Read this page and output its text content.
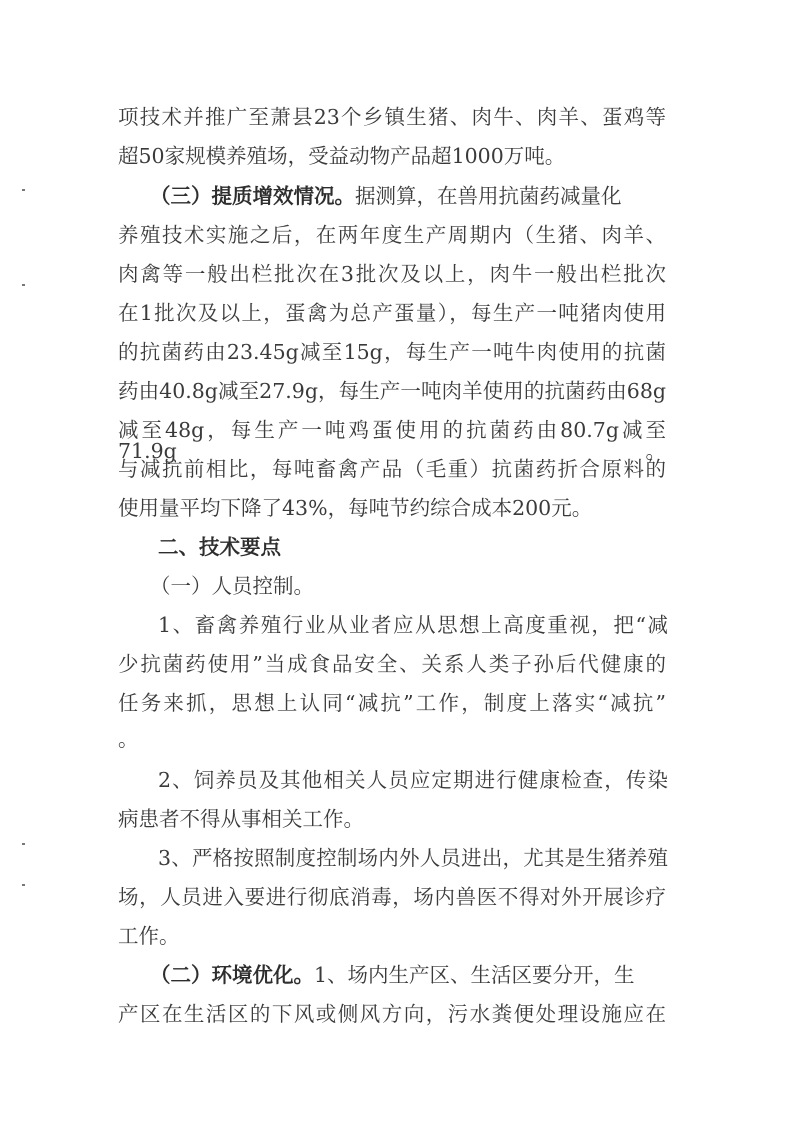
项技术并推广至萧县23个乡镇生猪、肉牛、肉羊、蛋鸡等
超50家规模养殖场，受益动物产品超1000万吨。
（三）提质增效情况。据测算，在兽用抗菌药减量化
养殖技术实施之后，在两年度生产周期内（生猪、肉羊、
肉禽等一般出栏批次在3批次及以上，肉牛一般出栏批次
在1批次及以上，蛋禽为总产蛋量），每生产一吨猪肉使用
的抗菌药由23.45g减至15g，每生产一吨牛肉使用的抗菌
药由40.8g减至27.9g，每生产一吨肉羊使用的抗菌药由68g
减至48g，每生产一吨鸡蛋使用的抗菌药由80.7g减至71.9g。
与减抗前相比，每吨畜禽产品（毛重）抗菌药折合原料的
使用量平均下降了43%，每吨节约综合成本200元。
二、技术要点
（一）人员控制。
1、畜禽养殖行业从业者应从思想上高度重视，把“减
少抗菌药使用”当成食品安全、关系人类子孙后代健康的
任务来抓，思想上认同“减抗”工作，制度上落实“减抗”
。
2、饲养员及其他相关人员应定期进行健康检查，传染
病患者不得从事相关工作。
3、严格按照制度控制场内外人员进出，尤其是生猪养殖
场，人员进入要进行彻底消毒，场内兽医不得对外开展诊疗
工作。
（二）环境优化。1、场内生产区、生活区要分开，生
产区在生活区的下风或侧风方向，污水粪便处理设施应在
